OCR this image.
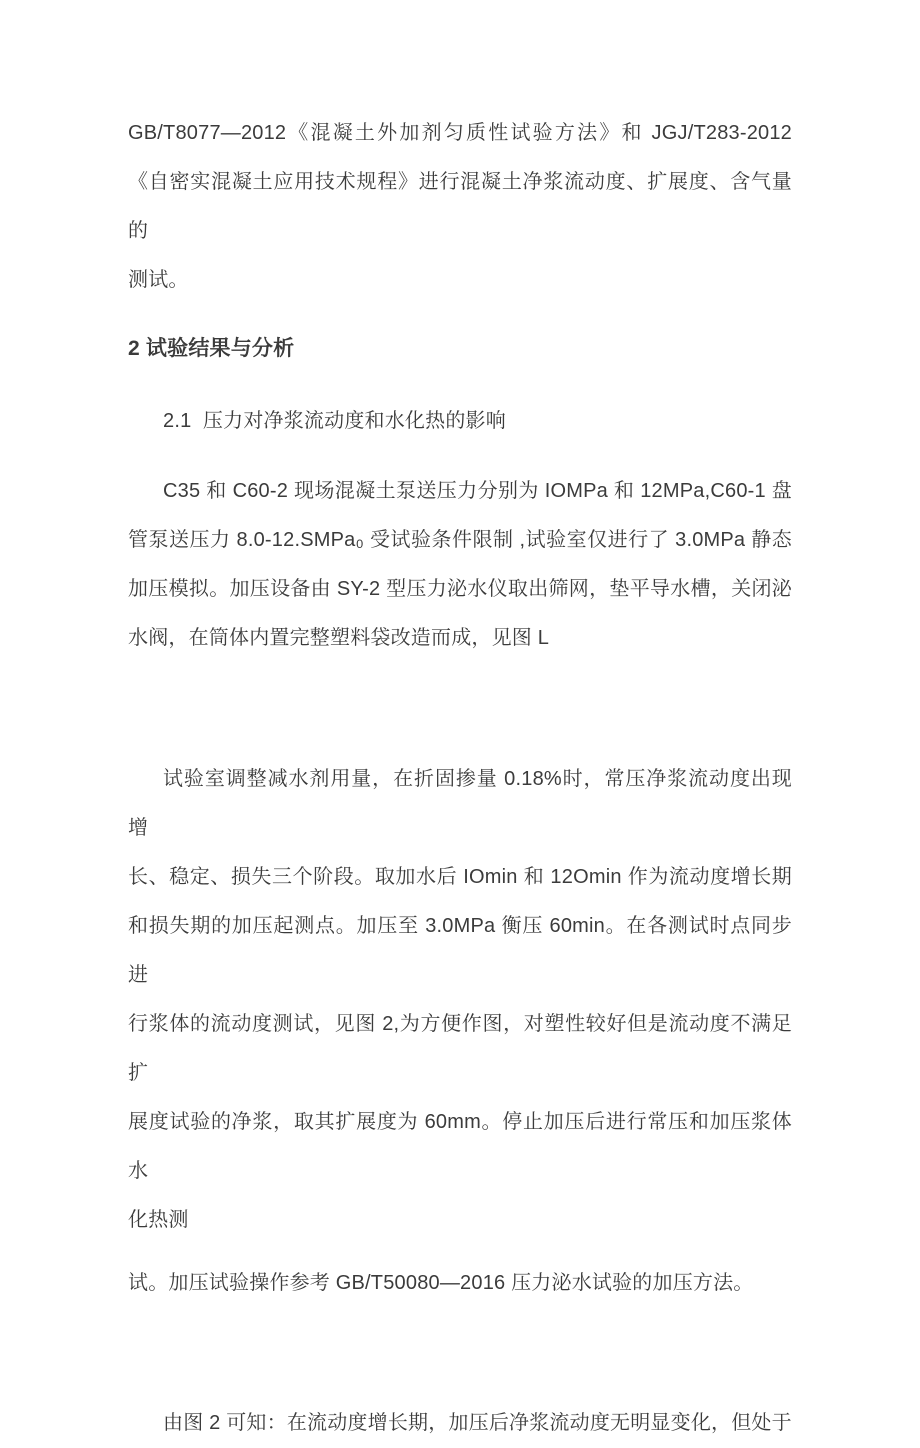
GB/T8077—2012《混凝土外加剂匀质性试验方法》和 JGJ/T283-2012
《自密实混凝土应用技术规程》进行混凝土净浆流动度、扩展度、含气量的
测试。
2 试验结果与分析
2.1  压力对净浆流动度和水化热的影响
C35 和 C60-2 现场混凝土泵送压力分别为 IOMPa 和 12MPa,C60-1 盘
管泵送压力 8.0-12.SMPa₀ 受试验条件限制 ,试验室仅进行了 3.0MPa 静态
加压模拟。加压设备由 SY-2 型压力泌水仪取出筛网，垫平导水槽，关闭泌
水阀，在筒体内置完整塑料袋改造而成，见图 L
试验室调整减水剂用量，在折固掺量 0.18%时，常压净浆流动度出现增
长、稳定、损失三个阶段。取加水后 IOmin 和 12Omin 作为流动度增长期
和损失期的加压起测点。加压至 3.0MPa 衡压 60min。在各测试时点同步进
行浆体的流动度测试，见图 2,为方便作图，对塑性较好但是流动度不满足扩
展度试验的净浆，取其扩展度为 60mm。停止加压后进行常压和加压浆体水
化热测
试。加压试验操作参考 GB/T50080—2016 压力泌水试验的加压方法。
由图 2 可知：在流动度增长期，加压后净浆流动度无明显变化，但处于
